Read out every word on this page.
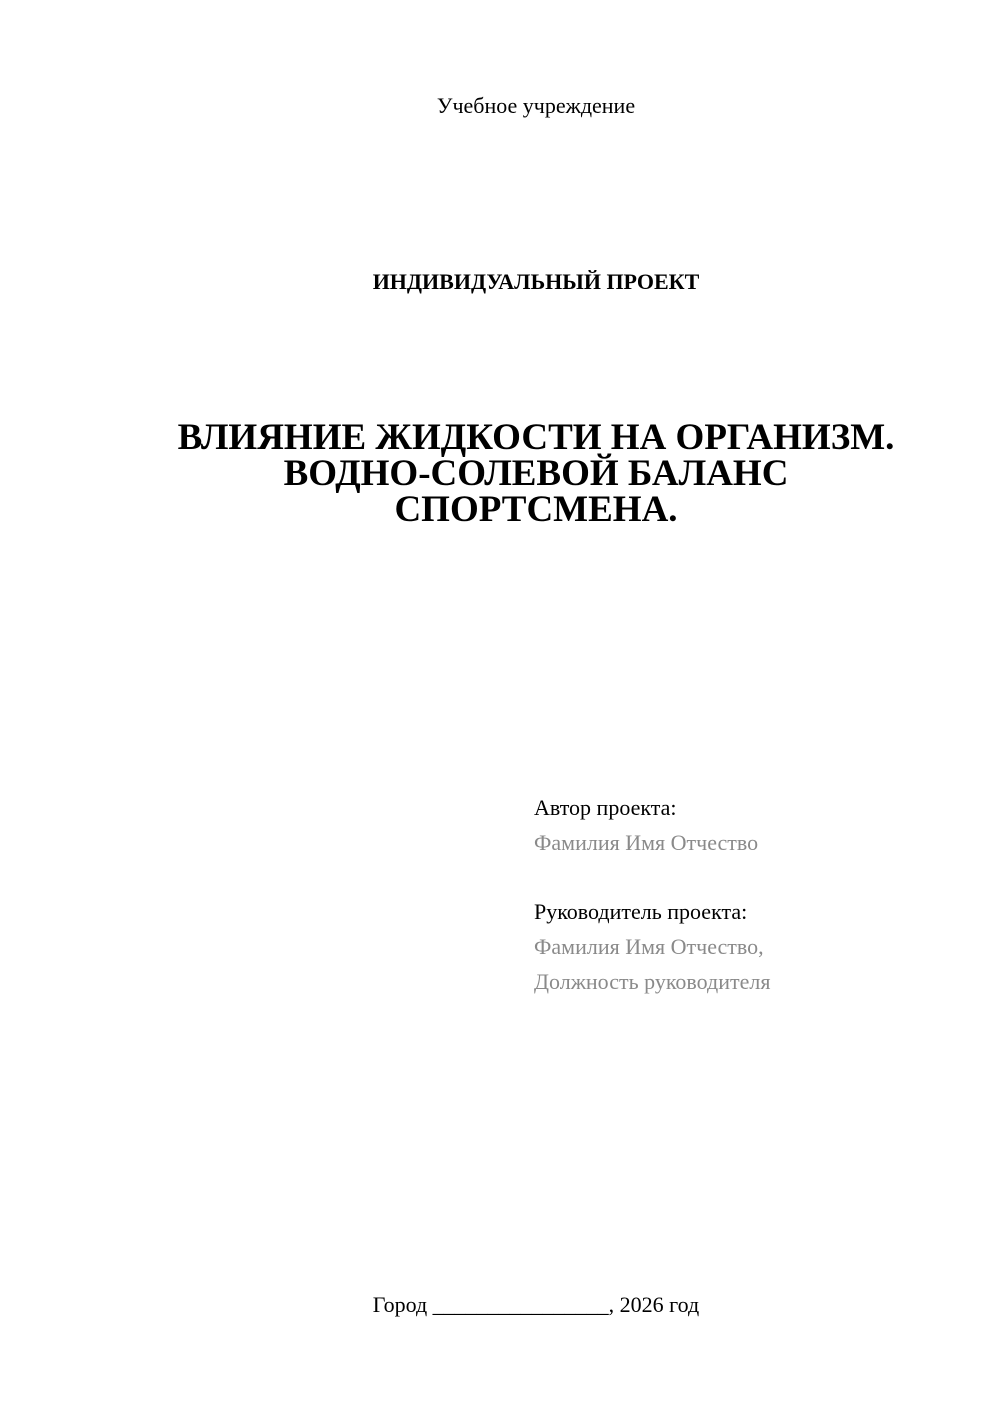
Учебное учреждение
ИНДИВИДУАЛЬНЫЙ ПРОЕКТ
ВЛИЯНИЕ ЖИДКОСТИ НА ОРГАНИЗМ.
ВОДНО-СОЛЕВОЙ БАЛАНС
СПОРТСМЕНА.
Автор проекта:
Фамилия Имя Отчество
Руководитель проекта:
Фамилия Имя Отчество,
Должность руководителя
Город ________________, 2026 год
